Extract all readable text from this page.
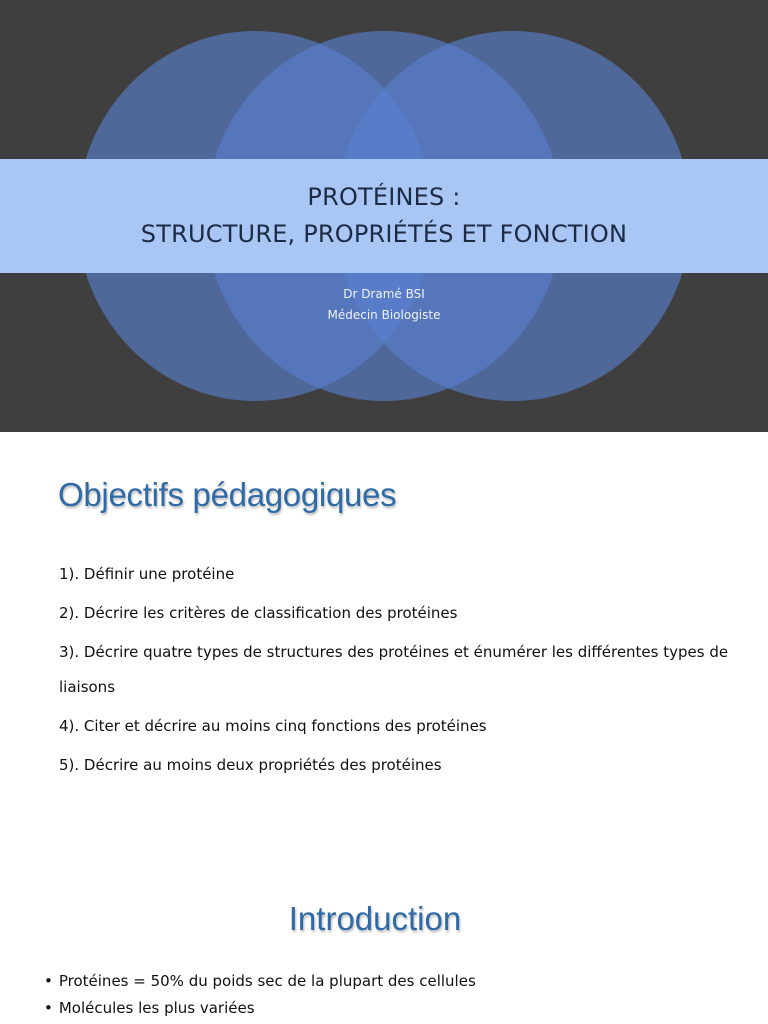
PROTÉINES :
STRUCTURE, PROPRIÉTÉS ET FONCTION
Dr Dramé BSI
Médecin Biologiste
Objectifs pédagogiques
1). Définir une protéine
2). Décrire les critères de classification des protéines
3). Décrire quatre types de structures des protéines et énumérer les différentes types de liaisons
4). Citer et décrire au moins cinq fonctions des protéines
5). Décrire au moins deux propriétés des protéines
Introduction
• Protéines = 50% du poids sec de la plupart des cellules
• Molécules les plus variées
